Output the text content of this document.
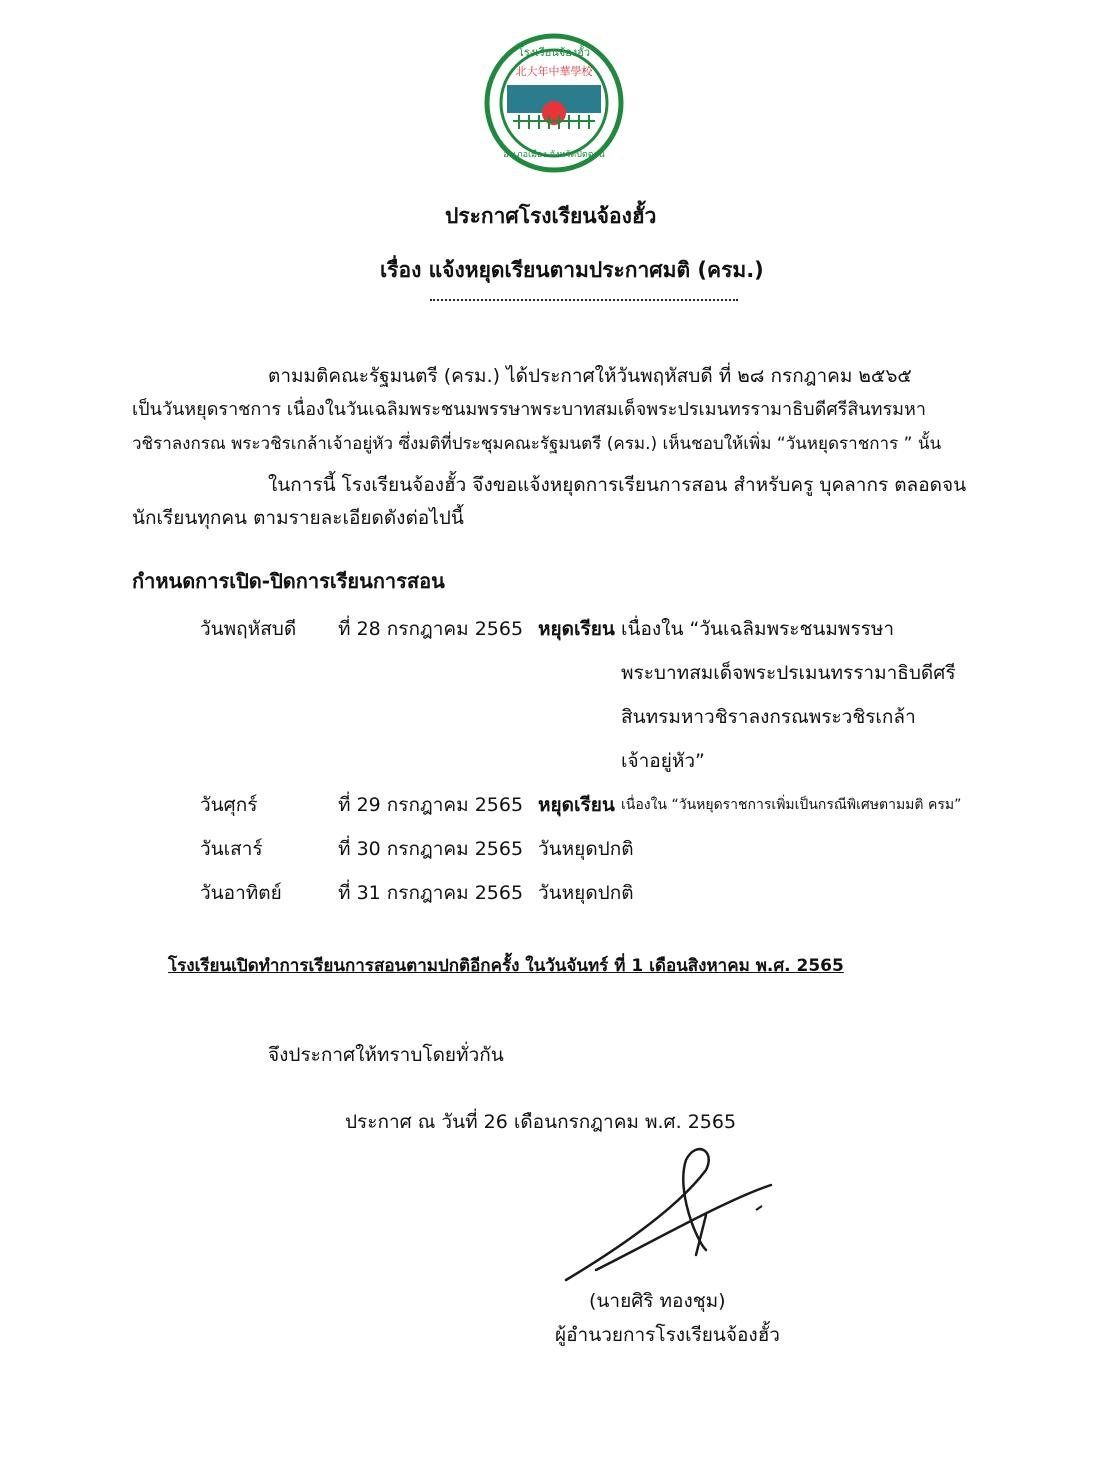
โรงเรียนจ้องฮั้ว
北大年中華學校
อำเภอเมือง จังหวัดปัตตานี
ประกาศโรงเรียนจ้องฮั้ว
เรื่อง แจ้งหยุดเรียนตามประกาศมติ (ครม.)
ตามมติคณะรัฐมนตรี (ครม.) ได้ประกาศให้วันพฤหัสบดี ที่ ๒๘ กรกฎาคม ๒๕๖๕
เป็นวันหยุดราชการ เนื่องในวันเฉลิมพระชนมพรรษาพระบาทสมเด็จพระปรเมนทรรามาธิบดีศรีสินทรมหา
วชิราลงกรณ พระวชิรเกล้าเจ้าอยู่หัว ซึ่งมติที่ประชุมคณะรัฐมนตรี (ครม.) เห็นชอบให้เพิ่ม “วันหยุดราชการ ” นั้น
ในการนี้ โรงเรียนจ้องฮั้ว จึงขอแจ้งหยุดการเรียนการสอน สำหรับครู บุคลากร ตลอดจน
นักเรียนทุกคน ตามรายละเอียดดังต่อไปนี้
กำหนดการเปิด-ปิดการเรียนการสอน
วันพฤหัสบดี ที่ 28 กรกฎาคม 2565 หยุดเรียน เนื่องใน “วันเฉลิมพระชนมพรรษา
พระบาทสมเด็จพระปรเมนทรรามาธิบดีศรี
สินทรมหาวชิราลงกรณพระวชิรเกล้า
เจ้าอยู่หัว”
วันศุกร์	ที่ 29 กรกฎาคม 2565 หยุดเรียน เนื่องใน “วันหยุดราชการเพิ่มเป็นกรณีพิเศษตามมติ ครม”
วันเสาร์	ที่ 30 กรกฎาคม 2565 วันหยุดปกติ
วันอาทิตย์	ที่ 31 กรกฎาคม 2565 วันหยุดปกติ
โรงเรียนเปิดทำการเรียนการสอนตามปกติอีกครั้ง ในวันจันทร์ ที่ 1 เดือนสิงหาคม พ.ศ. 2565
จึงประกาศให้ทราบโดยทั่วกัน
ประกาศ ณ วันที่ 26 เดือนกรกฎาคม พ.ศ. 2565
(นายศิริ ทองชุม)
ผู้อำนวยการโรงเรียนจ้องฮั้ว
